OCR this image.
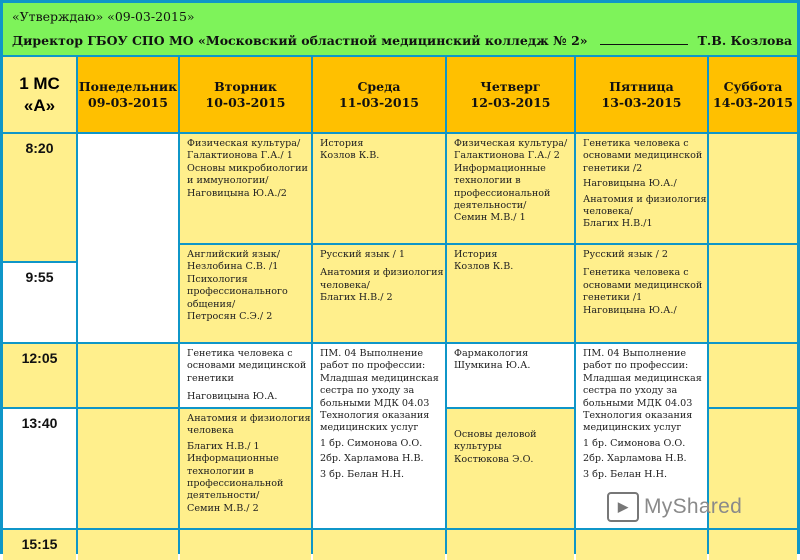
«Утверждаю» «09-03-2015»
Директор ГБОУ СПО МО «Московский областной медицинский колледж № 2»	Т.В. Козлова
1 МС
«А»
Понедельник
09-03-2015
Вторник
10-03-2015
Среда
11-03-2015
Четверг
12-03-2015
Пятница
13-03-2015
Суббота
14-03-2015
8:20
9:55
12:05
13:40
15:15
Физическая культура/
Галактионова Г.А./ 1
Основы микробиологии
и иммунологии/
Наговицына Ю.А./2
Английский язык/
Незлобина С.В. /1
Психология
профессионального
общения/
Петросян С.Э./ 2
Генетика человека с
основами медицинской
генетики
Наговицына Ю.А.
Анатомия и физиология
человека
Благих Н.В./ 1
Информационные
технологии в
профессиональной
деятельности/
Семин М.В./ 2
История
Козлов К.В.
Русский язык / 1
Анатомия и физиология
человека/
Благих Н.В./ 2
ПМ. 04 Выполнение
работ по профессии:
Младшая медицинская
сестра по уходу за
больными МДК 04.03
Технология оказания
медицинских услуг
1 бр. Симонова О.О.
2бр. Харламова Н.В.
3 бр. Белан Н.Н.
Физическая культура/
Галактионова Г.А./ 2
Информационные
технологии в
профессиональной
деятельности/
Семин М.В./ 1
История
Козлов К.В.
Фармакология
Шумкина Ю.А.
Основы деловой
культуры
Костюкова Э.О.
Генетика человека с
основами медицинской
генетики /2
Наговицына Ю.А./
Анатомия и физиология
человека/
Благих Н.В./1
Русский язык / 2
Генетика человека с
основами медицинской
генетики /1
Наговицына Ю.А./
ПМ. 04 Выполнение
работ по профессии:
Младшая медицинская
сестра по уходу за
больными МДК 04.03
Технология оказания
медицинских услуг
1 бр. Симонова О.О.
2бр. Харламова Н.В.
3 бр. Белан Н.Н.
▶ MyShared
